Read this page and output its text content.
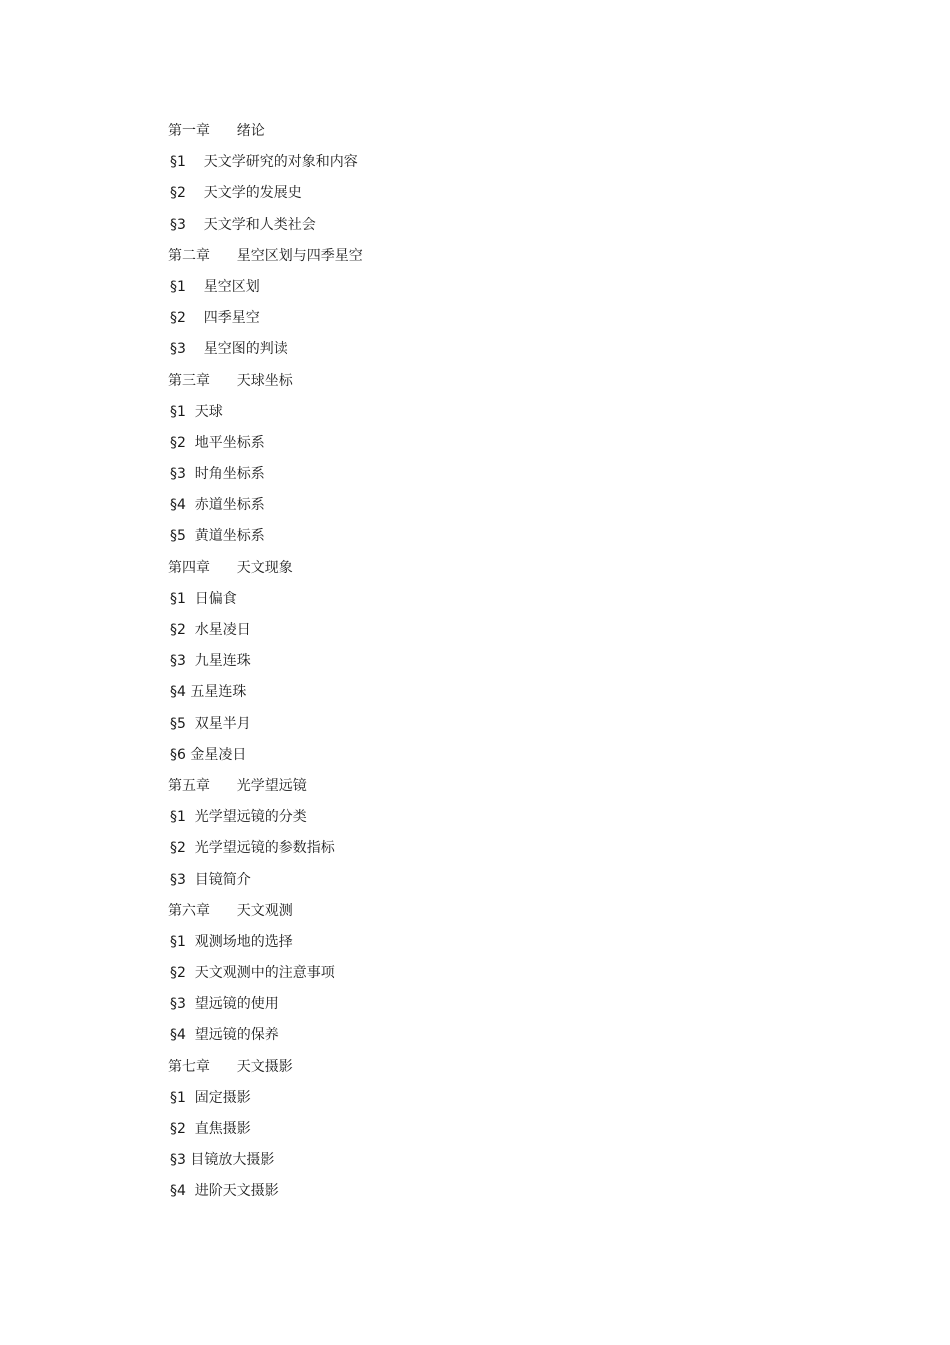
第一章      绪论
§1    天文学研究的对象和内容
§2    天文学的发展史
§3    天文学和人类社会
第二章      星空区划与四季星空
§1    星空区划
§2    四季星空
§3    星空图的判读
第三章      天球坐标
§1  天球
§2  地平坐标系
§3  时角坐标系
§4  赤道坐标系
§5  黄道坐标系
第四章      天文现象
§1  日偏食
§2  水星凌日
§3  九星连珠
§4 五星连珠
§5  双星半月
§6 金星凌日
第五章      光学望远镜
§1  光学望远镜的分类
§2  光学望远镜的参数指标
§3  目镜简介
第六章      天文观测
§1  观测场地的选择
§2  天文观测中的注意事项
§3  望远镜的使用
§4  望远镜的保养
第七章      天文摄影
§1  固定摄影
§2  直焦摄影
§3 目镜放大摄影
§4  进阶天文摄影
